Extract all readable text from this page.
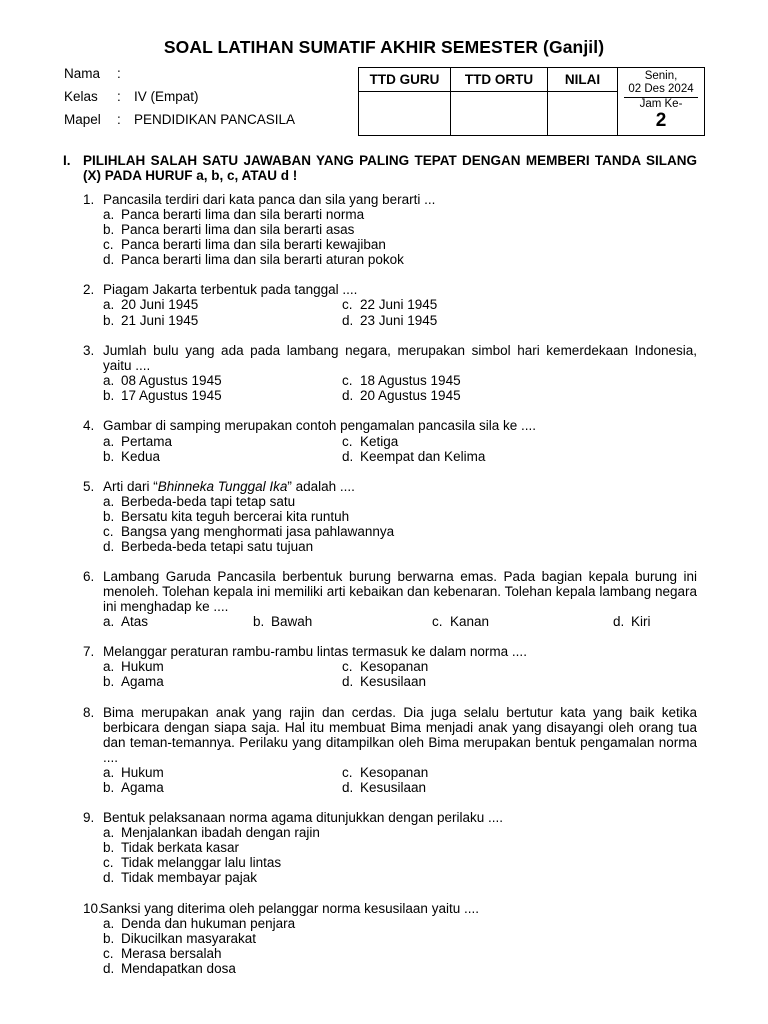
SOAL LATIHAN SUMATIF AKHIR SEMESTER (Ganjil)
Nama :
Kelas : IV (Empat)
Mapel : PENDIDIKAN PANCASILA
TTD GURU	TTD ORTU	NILAI	Senin,
02 Des 2024
Jam Ke-
2

I. PILIHLAH SALAH SATU JAWABAN YANG PALING TEPAT DENGAN MEMBERI TANDA SILANG (X) PADA HURUF a, b, c, ATAU d !
1. Pancasila terdiri dari kata panca dan sila yang berarti ...
a. Panca berarti lima dan sila berarti norma
b. Panca berarti lima dan sila berarti asas
c. Panca berarti lima dan sila berarti kewajiban
d. Panca berarti lima dan sila berarti aturan pokok
2. Piagam Jakarta terbentuk pada tanggal ....
a. 20 Juni 1945	c. 22 Juni 1945
b. 21 Juni 1945	d. 23 Juni 1945
3. Jumlah bulu yang ada pada lambang negara, merupakan simbol hari kemerdekaan Indonesia, yaitu ....
a. 08 Agustus 1945	c. 18 Agustus 1945
b. 17 Agustus 1945	d. 20 Agustus 1945
4. Gambar di samping merupakan contoh pengamalan pancasila sila ke ....
a. Pertama	c. Ketiga
b. Kedua	d. Keempat dan Kelima
5. Arti dari “Bhinneka Tunggal Ika” adalah ....
a. Berbeda-beda tapi tetap satu
b. Bersatu kita teguh bercerai kita runtuh
c. Bangsa yang menghormati jasa pahlawannya
d. Berbeda-beda tetapi satu tujuan
6. Lambang Garuda Pancasila berbentuk burung berwarna emas. Pada bagian kepala burung ini menoleh. Tolehan kepala ini memiliki arti kebaikan dan kebenaran. Tolehan kepala lambang negara ini menghadap ke ....
a. Atas	b. Bawah	c. Kanan	d. Kiri
7. Melanggar peraturan rambu-rambu lintas termasuk ke dalam norma ....
a. Hukum	c. Kesopanan
b. Agama	d. Kesusilaan
8. Bima merupakan anak yang rajin dan cerdas. Dia juga selalu bertutur kata yang baik ketika berbicara dengan siapa saja. Hal itu membuat Bima menjadi anak yang disayangi oleh orang tua dan teman-temannya. Perilaku yang ditampilkan oleh Bima merupakan bentuk pengamalan norma ....
a. Hukum	c. Kesopanan
b. Agama	d. Kesusilaan
9. Bentuk pelaksanaan norma agama ditunjukkan dengan perilaku ....
a. Menjalankan ibadah dengan rajin
b. Tidak berkata kasar
c. Tidak melanggar lalu lintas
d. Tidak membayar pajak
10.
Sanksi yang diterima oleh pelanggar norma kesusilaan yaitu ....
a. Denda dan hukuman penjara
b. Dikucilkan masyarakat
c. Merasa bersalah
d. Mendapatkan dosa
